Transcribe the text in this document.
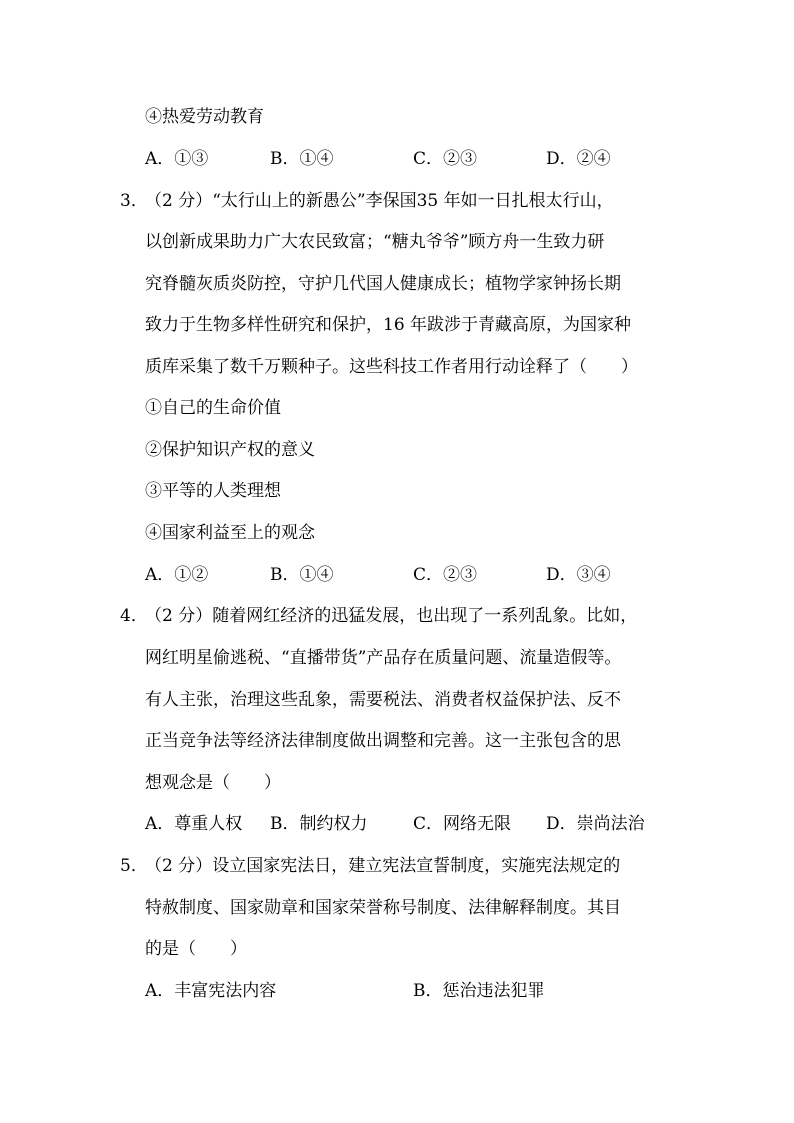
④热爱劳动教育
A．①③	B．①④	C．②③	D．②④
3．
（2 分）“太行山上的新愚公”李保国35 年如一日扎根太行山，
以创新成果助力广大农民致富；“糖丸爷爷”顾方舟一生致力研
究脊髓灰质炎防控，守护几代国人健康成长；植物学家钟扬长期
致力于生物多样性研究和保护，16 年跋涉于青藏高原，为国家种
质库采集了数千万颗种子。这些科技工作者用行动诠释了（　　）
①自己的生命价值
②保护知识产权的意义
③平等的人类理想
④国家利益至上的观念
A．①②	B．①④	C．②③	D．③④
4．
（2 分）随着网红经济的迅猛发展，也出现了一系列乱象。比如，
网红明星偷逃税、“直播带货”产品存在质量问题、流量造假等。
有人主张，治理这些乱象，需要税法、消费者权益保护法、反不
正当竞争法等经济法律制度做出调整和完善。这一主张包含的思
想观念是（　　）
A．尊重人权 B．制约权力	C．网络无限 D．崇尚法治
5．
（2 分）设立国家宪法日，建立宪法宣誓制度，实施宪法规定的
特赦制度、国家勋章和国家荣誉称号制度、法律解释制度。其目
的是（　　）
A．丰富宪法内容	B．惩治违法犯罪
